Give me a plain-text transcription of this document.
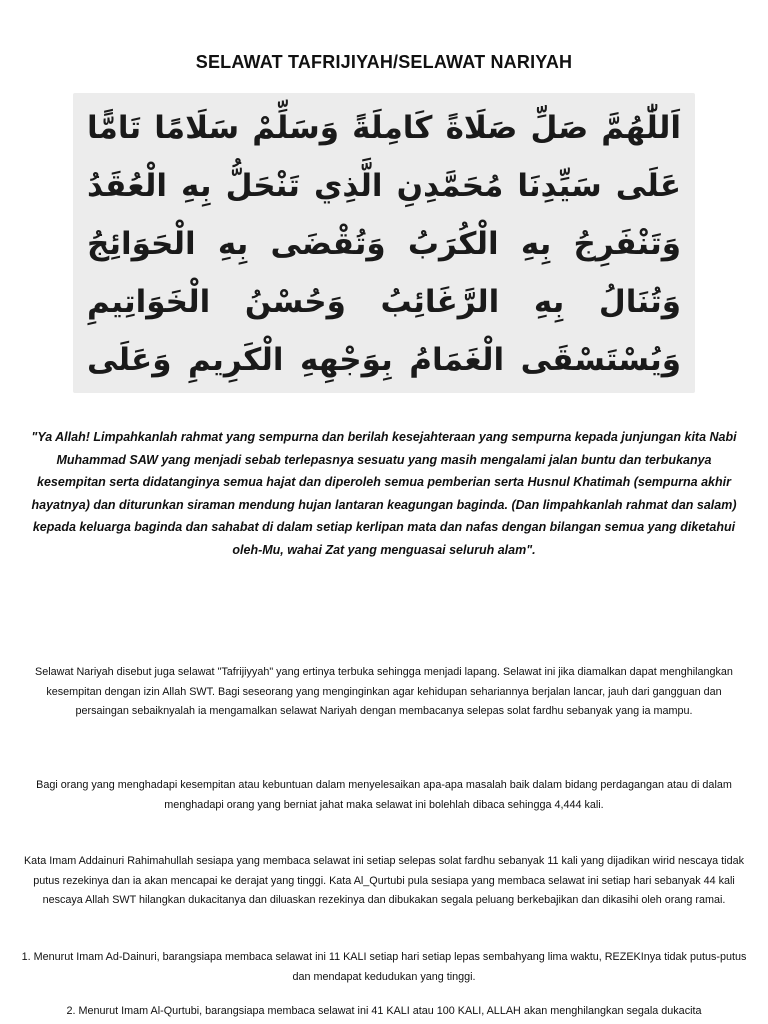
SELAWAT TAFRIJIYAH/SELAWAT NARIYAH

اَللّٰهُمَّ صَلِّ صَلَاةً كَامِلَةً وَسَلِّمْ سَلَامًا تَامًّا عَلَى سَيِّدِنَا مُحَمَّدِنِ الَّذِي تَنْحَلُّ بِهِ الْعُقَدُ وَتَنْفَرِجُ بِهِ الْكُرَبُ وَتُقْضَى بِهِ الْحَوَائِجُ وَتُنَالُ بِهِ الرَّغَائِبُ وَحُسْنُ الْخَوَاتِيمِ وَيُسْتَسْقَى الْغَمَامُ بِوَجْهِهِ الْكَرِيمِ وَعَلَى

"Ya Allah! Limpahkanlah rahmat yang sempurna dan berilah kesejahteraan yang sempurna kepada junjungan kita Nabi Muhammad SAW yang menjadi sebab terlepasnya sesuatu yang masih mengalami jalan buntu dan terbukanya kesempitan serta didatanginya semua hajat dan diperoleh semua pemberian serta Husnul Khatimah (sempurna akhir hayatnya) dan diturunkan siraman mendung hujan lantaran keagungan baginda. (Dan limpahkanlah rahmat dan salam) kepada keluarga baginda dan sahabat di dalam setiap kerlipan mata dan nafas dengan bilangan semua yang diketahui oleh-Mu, wahai Zat yang menguasai seluruh alam".

Selawat Nariyah disebut juga selawat "Tafrijiyyah" yang ertinya terbuka sehingga menjadi lapang. Selawat ini jika diamalkan dapat menghilangkan kesempitan dengan izin Allah SWT. Bagi seseorang yang menginginkan agar kehidupan sehariannya berjalan lancar, jauh dari gangguan dan persaingan sebaiknyalah ia mengamalkan selawat Nariyah dengan membacanya selepas solat fardhu sebanyak yang ia mampu.

Bagi orang yang menghadapi kesempitan atau kebuntuan dalam menyelesaikan apa-apa masalah baik dalam bidang perdagangan atau di dalam menghadapi orang yang berniat jahat maka selawat ini bolehlah dibaca sehingga 4,444 kali.

Kata Imam Addainuri Rahimahullah sesiapa yang membaca selawat ini setiap selepas solat fardhu sebanyak 11 kali yang dijadikan wirid nescaya tidak putus rezekinya dan ia akan mencapai ke derajat yang tinggi. Kata Al_Qurtubi pula sesiapa yang membaca selawat ini setiap hari sebanyak 44 kali nescaya Allah SWT hilangkan dukacitanya dan diluaskan rezekinya dan dibukakan segala peluang berkebajikan dan dikasihi oleh orang ramai.

1. Menurut Imam Ad-Dainuri, barangsiapa membaca selawat ini 11 KALI setiap hari setiap lepas sembahyang lima waktu, REZEKInya tidak putus-putus dan mendapat kedudukan yang tinggi.

2. Menurut Imam Al-Qurtubi, barangsiapa membaca selawat ini 41 KALI atau 100 KALI, ALLAH akan menghilangkan segala dukacita
